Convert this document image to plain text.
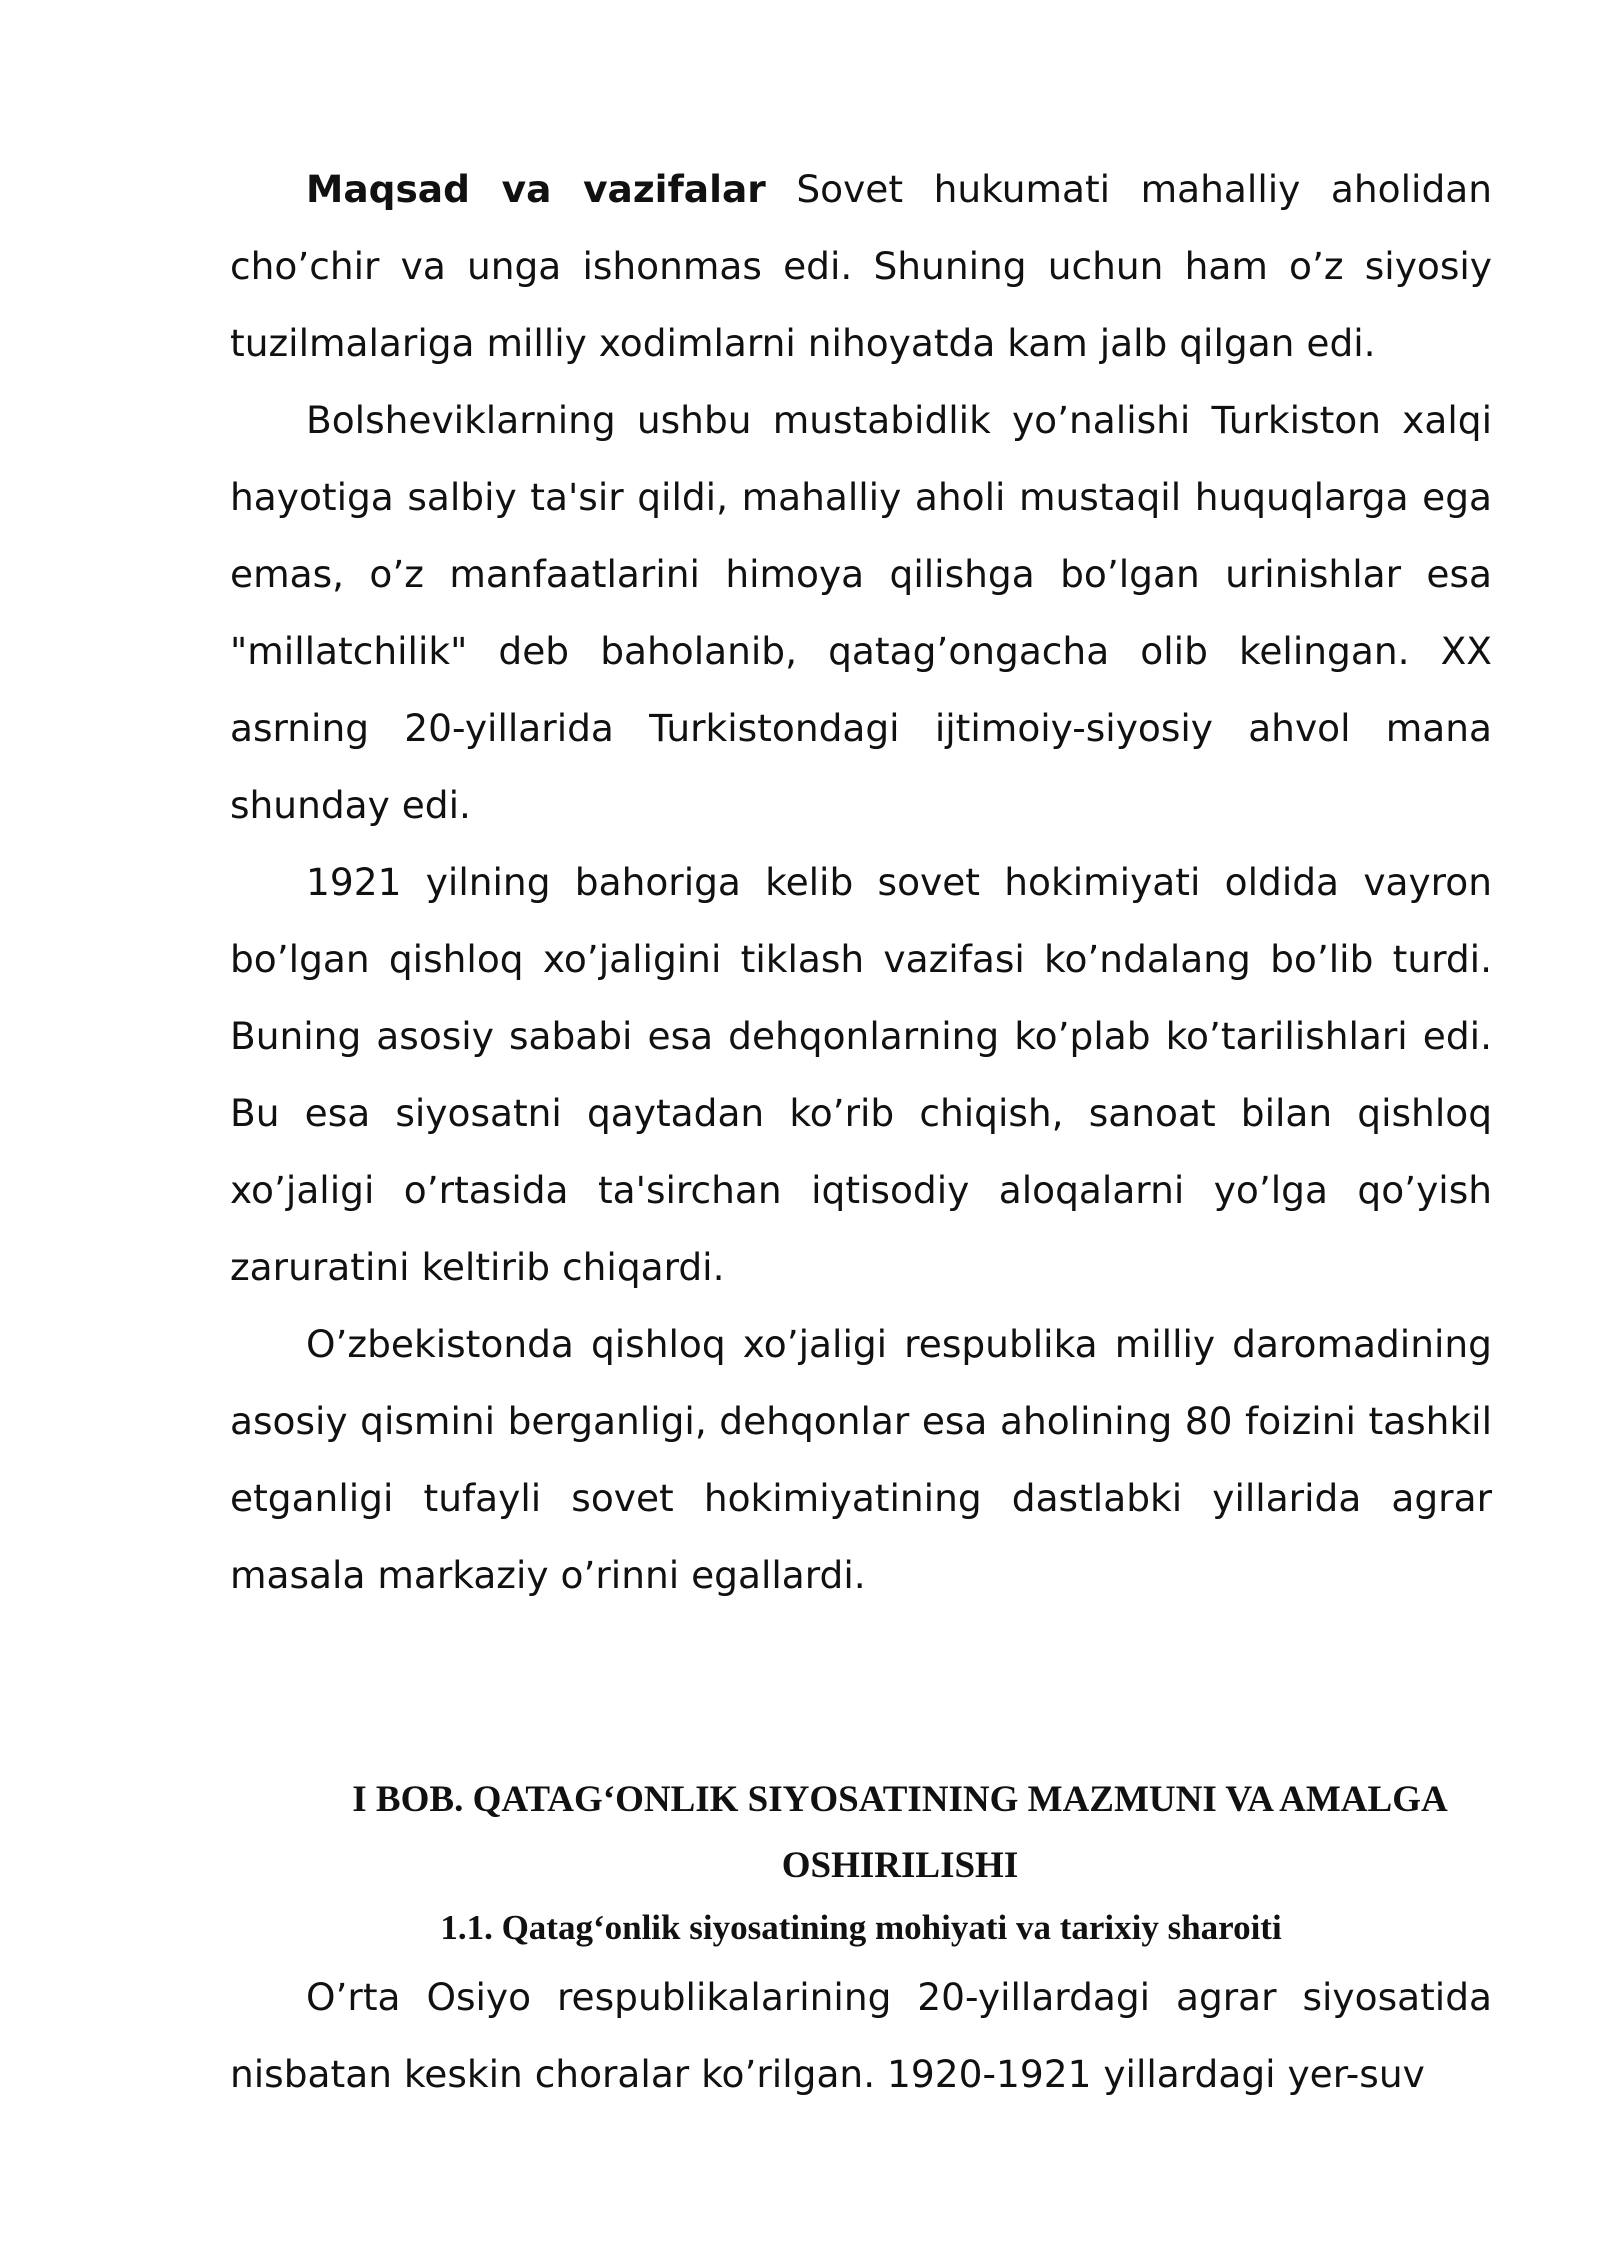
Maqsad va vazifalar Sovet hukumati mahalliy aholidan cho’chir va unga ishonmas edi. Shuning uchun ham o’z siyosiy tuzilmalariga milliy xodimlarni nihoyatda kam jalb qilgan edi.

Bolsheviklarning ushbu mustabidlik yo’nalishi Turkiston xalqi hayotiga salbiy ta'sir qildi, mahalliy aholi mustaqil huquqlarga ega emas, o’z manfaatlarini himoya qilishga bo’lgan urinishlar esa "millatchilik" deb baholanib, qatag’ongacha olib kelingan. XX asrning 20-yillarida Turkistondagi ijtimoiy-siyosiy ahvol mana shunday edi.

1921 yilning bahoriga kelib sovet hokimiyati oldida vayron bo’lgan qishloq xo’jaligini tiklash vazifasi ko’ndalang bo’lib turdi. Buning asosiy sababi esa dehqonlarning ko’plab ko’tarilishlari edi. Bu esa siyosatni qaytadan ko’rib chiqish, sanoat bilan qishloq xo’jaligi o’rtasida ta'sirchan iqtisodiy aloqalarni yo’lga qo’yish zaruratini keltirib chiqardi.

O’zbekistonda qishloq xo’jaligi respublika milliy daromadining asosiy qismini berganligi, dehqonlar esa aholining 80 foizini tashkil etganligi tufayli sovet hokimiyatining dastlabki yillarida agrar masala markaziy o’rinni egallardi.

I BOB. QATAG‘ONLIK SIYOSATINING MAZMUNI VA AMALGA OSHIRILISHI
1.1. Qatag‘onlik siyosatining mohiyati va tarixiy sharoiti

O’rta Osiyo respublikalarining 20-yillardagi agrar siyosatida nisbatan keskin choralar ko’rilgan. 1920-1921 yillardagi yer-suv
